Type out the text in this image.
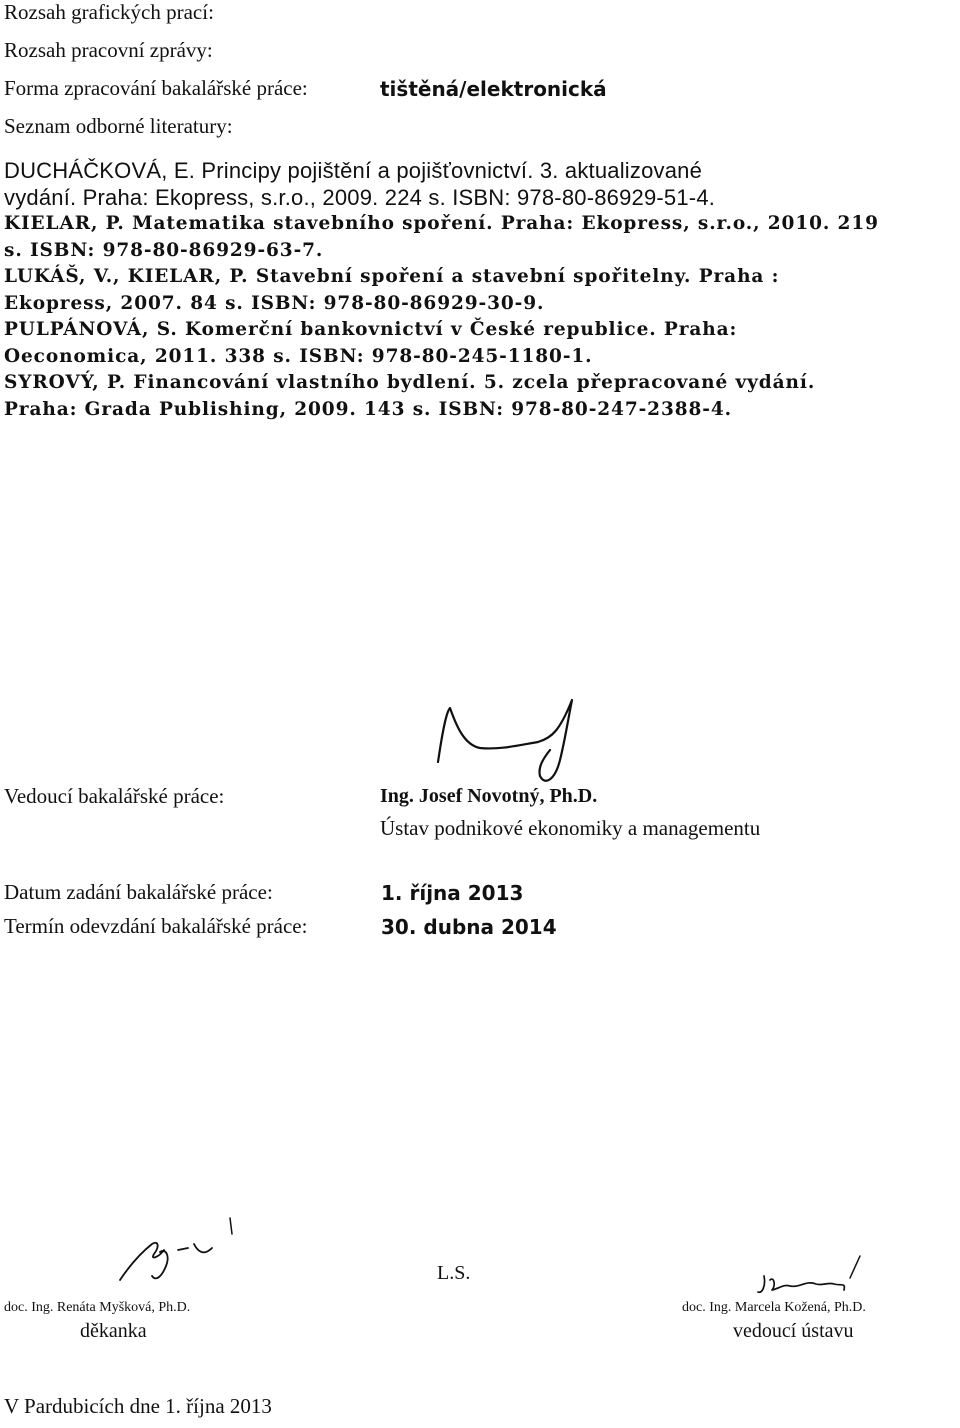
Rozsah grafických prací:
Rozsah pracovní zprávy:
Forma zpracování bakalářské práce:	tištěná/elektronická
Seznam odborné literatury:
DUCHÁČKOVÁ, E. Principy pojištění a pojišťovnictví. 3. aktualizované
vydání. Praha: Ekopress, s.r.o., 2009. 224 s. ISBN: 978-80-86929-51-4.
KIELAR, P. Matematika stavebního spoření. Praha: Ekopress, s.r.o., 2010. 219
s. ISBN: 978-80-86929-63-7.
LUKÁŠ, V., KIELAR, P. Stavební spoření a stavební spořitelny. Praha :
Ekopress, 2007. 84 s. ISBN: 978-80-86929-30-9.
PULPÁNOVÁ, S. Komerční bankovnictví v České republice. Praha:
Oeconomica, 2011. 338 s. ISBN: 978-80-245-1180-1.
SYROVÝ, P. Financování vlastního bydlení. 5. zcela přepracované vydání.
Praha: Grada Publishing, 2009. 143 s. ISBN: 978-80-247-2388-4.
Vedoucí bakalářské práce:	Ing. Josef Novotný, Ph.D.
Ústav podnikové ekonomiky a managementu
Datum zadání bakalářské práce:	1. října 2013
Termín odevzdání bakalářské práce:	30. dubna 2014
doc. Ing. Renáta Myšková, Ph.D.
děkanka
L.S.
doc. Ing. Marcela Kožená, Ph.D.
vedoucí ústavu
V Pardubicích dne 1. října 2013
